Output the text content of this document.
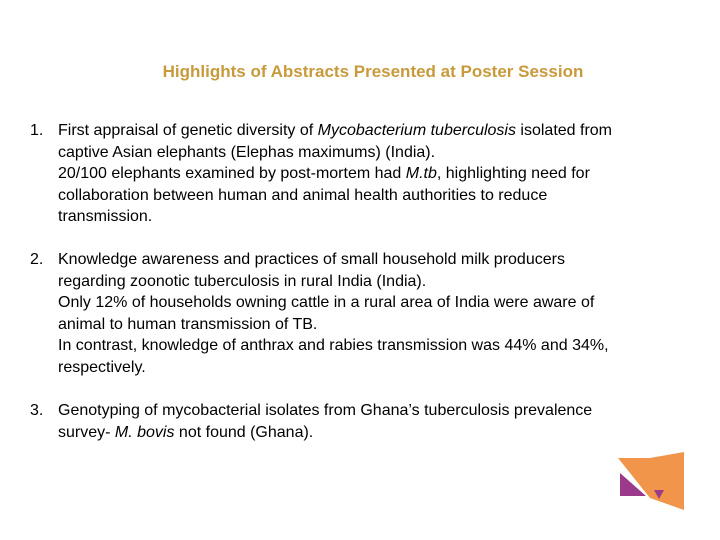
Highlights of Abstracts Presented at Poster Session
1. First appraisal of genetic diversity of Mycobacterium tuberculosis isolated from
captive Asian elephants (Elephas maximums) (India).
20/100 elephants examined by post-mortem had M.tb, highlighting need for
collaboration between human and animal health authorities to reduce
transmission.
2. Knowledge awareness and practices of small household milk producers
regarding zoonotic tuberculosis in rural India (India).
Only 12% of households owning cattle in a rural area of India were aware of
animal to human transmission of TB.
In contrast, knowledge of anthrax and rabies transmission was 44% and 34%,
respectively.
3. Genotyping of mycobacterial isolates from Ghana’s tuberculosis prevalence
survey- M. bovis not found (Ghana).
